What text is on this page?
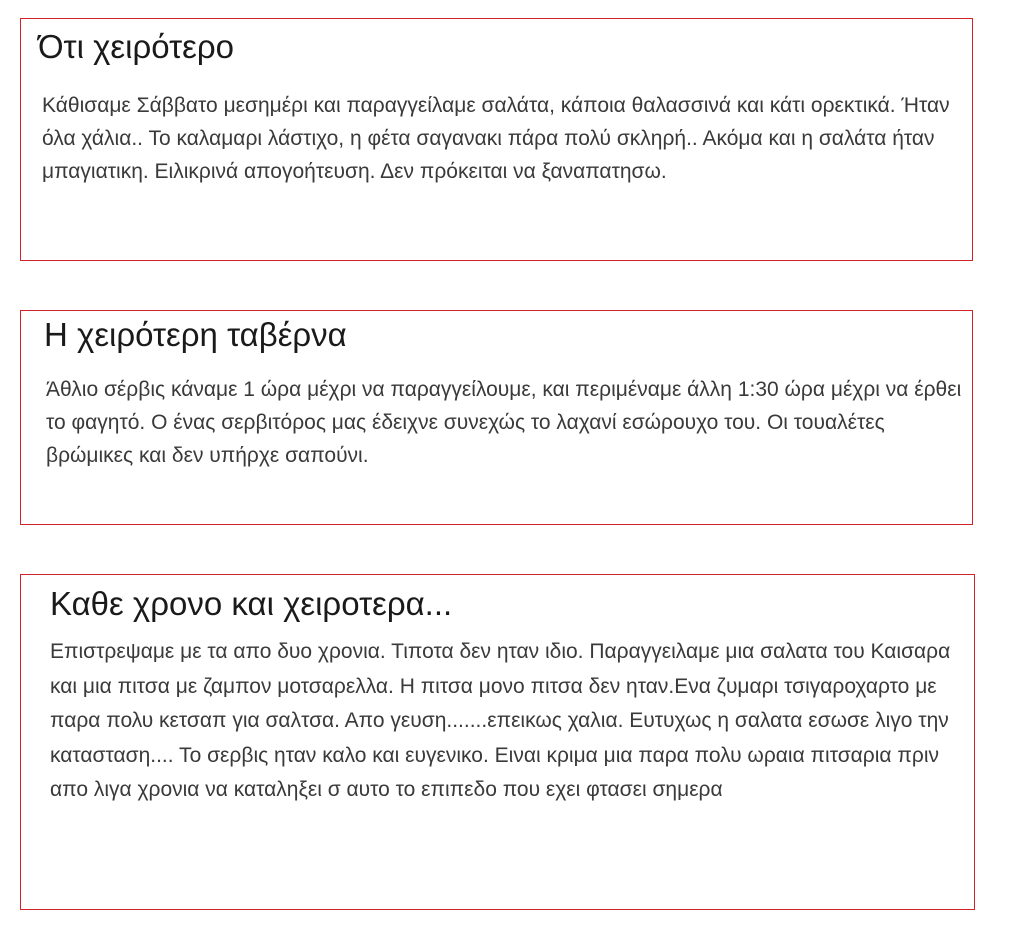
Ότι χειρότερο

Κάθισαμε Σάββατο μεσημέρι και παραγγείλαμε σαλάτα, κάποια θαλασσινά και κάτι ορεκτικά. Ήταν όλα χάλια.. Το καλαμαρι λάστιχο, η φέτα σαγανακι πάρα πολύ σκληρή.. Ακόμα και η σαλάτα ήταν μπαγιατικη. Ειλικρινά απογοήτευση. Δεν πρόκειται να ξαναπατησω.

Η χειρότερη ταβέρνα

Άθλιο σέρβις κάναμε 1 ώρα μέχρι να παραγγείλουμε, και περιμέναμε άλλη 1:30 ώρα μέχρι να έρθει το φαγητό. Ο ένας σερβιτόρος μας έδειχνε συνεχώς το λαχανί εσώρουχο του. Οι τουαλέτες βρώμικες και δεν υπήρχε σαπούνι.

Καθε χρονο και χειροτερα...

Επιστρεψαμε με τα απο δυο χρονια. Τιποτα δεν ηταν ιδιο. Παραγγειλαμε μια σαλατα του Καισαρα και μια πιτσα με ζαμπον μοτσαρελλα. Η πιτσα μονο πιτσα δεν ηταν.Ενα ζυμαρι τσιγαροχαρτο με παρα πολυ κετσαπ για σαλτσα. Απο γευση.......επεικως χαλια. Ευτυχως η σαλατα εσωσε λιγο την κατασταση.... Το σερβις ηταν καλο και ευγενικο. Ειναι κριμα μια παρα πολυ ωραια πιτσαρια πριν απο λιγα χρονια να καταληξει σ αυτο το επιπεδο που εχει φτασει σημερα
